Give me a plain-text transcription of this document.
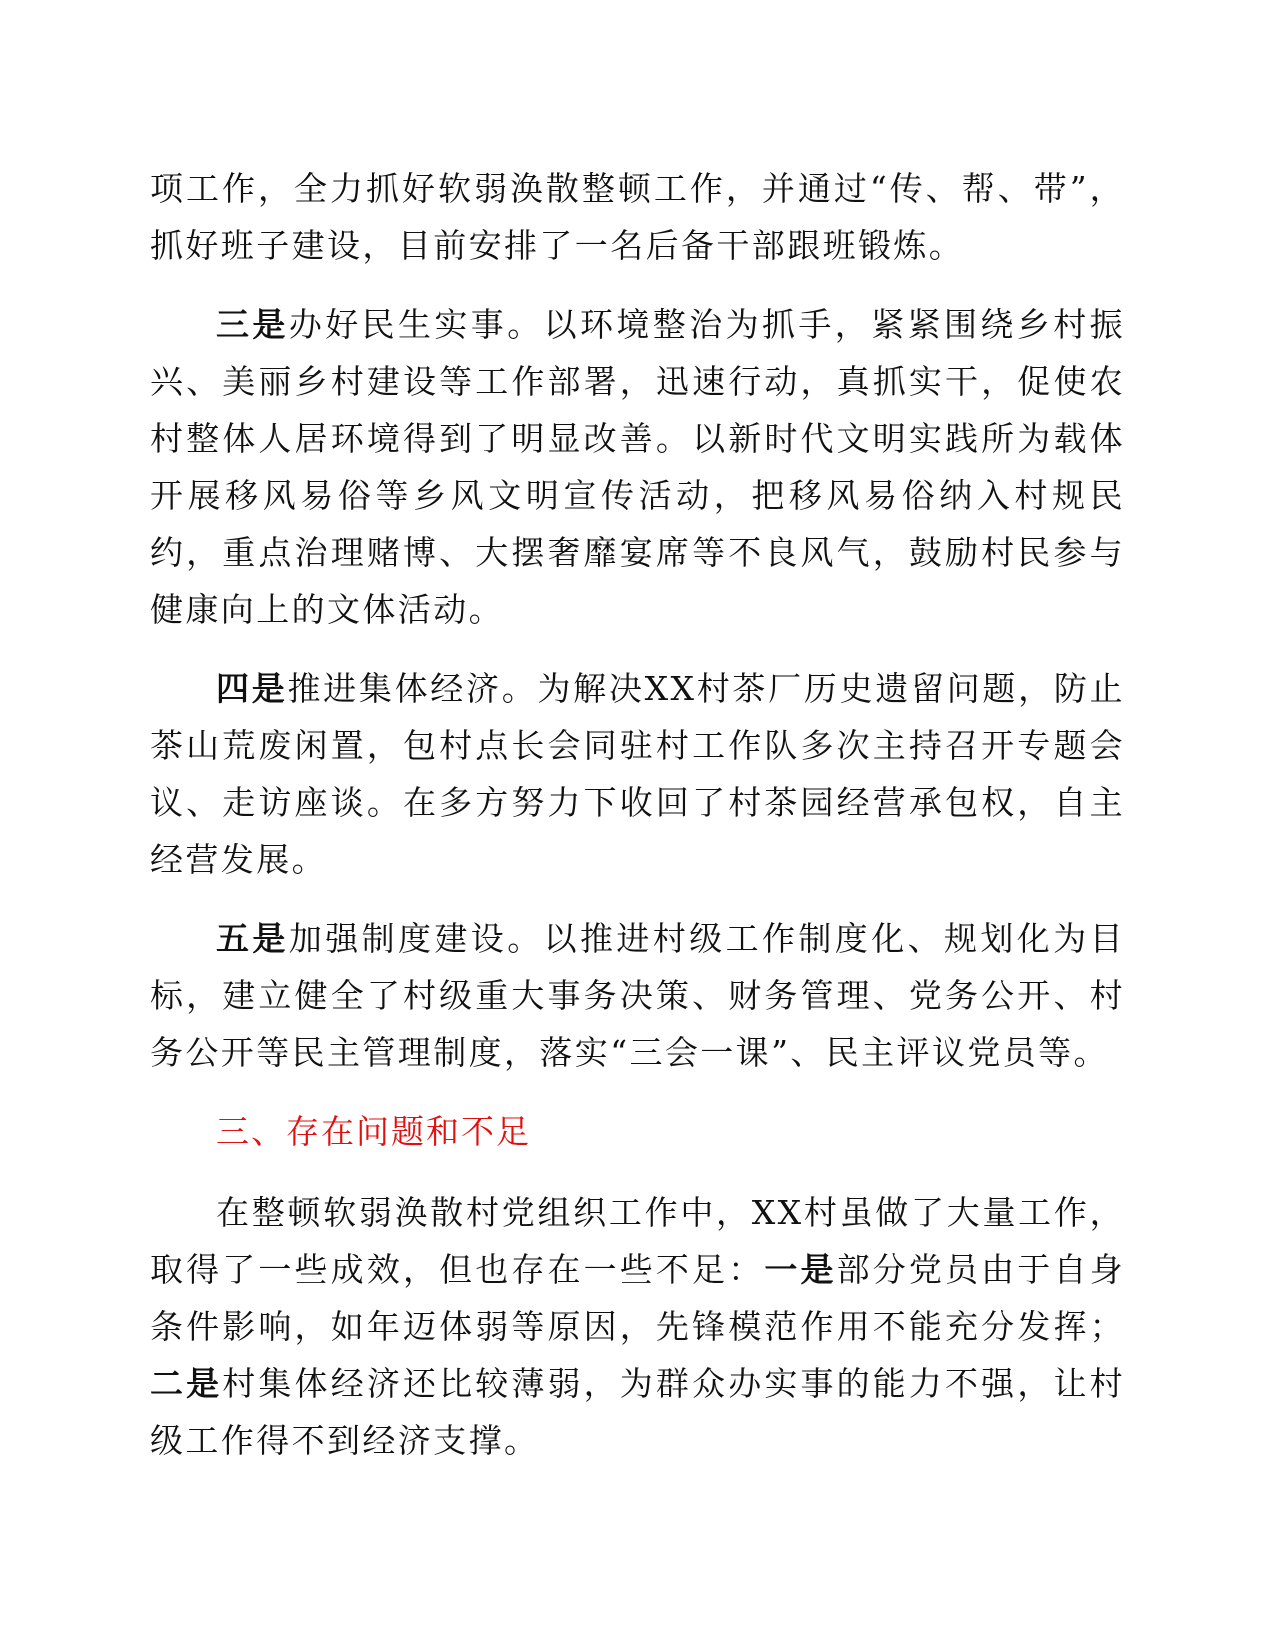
项工作，全力抓好软弱涣散整顿工作，并通过“传、帮、带”，抓好班子建设，目前安排了一名后备干部跟班锻炼。

三是办好民生实事。以环境整治为抓手，紧紧围绕乡村振兴、美丽乡村建设等工作部署，迅速行动，真抓实干，促使农村整体人居环境得到了明显改善。以新时代文明实践所为载体开展移风易俗等乡风文明宣传活动，把移风易俗纳入村规民约，重点治理赌博、大摆奢靡宴席等不良风气，鼓励村民参与健康向上的文体活动。

四是推进集体经济。为解决XX村茶厂历史遗留问题，防止茶山荒废闲置，包村点长会同驻村工作队多次主持召开专题会议、走访座谈。在多方努力下收回了村茶园经营承包权，自主经营发展。

五是加强制度建设。以推进村级工作制度化、规划化为目标，建立健全了村级重大事务决策、财务管理、党务公开、村务公开等民主管理制度，落实“三会一课”、民主评议党员等。

三、存在问题和不足

在整顿软弱涣散村党组织工作中，XX村虽做了大量工作，取得了一些成效，但也存在一些不足：一是部分党员由于自身条件影响，如年迈体弱等原因，先锋模范作用不能充分发挥；二是村集体经济还比较薄弱，为群众办实事的能力不强，让村级工作得不到经济支撑。
